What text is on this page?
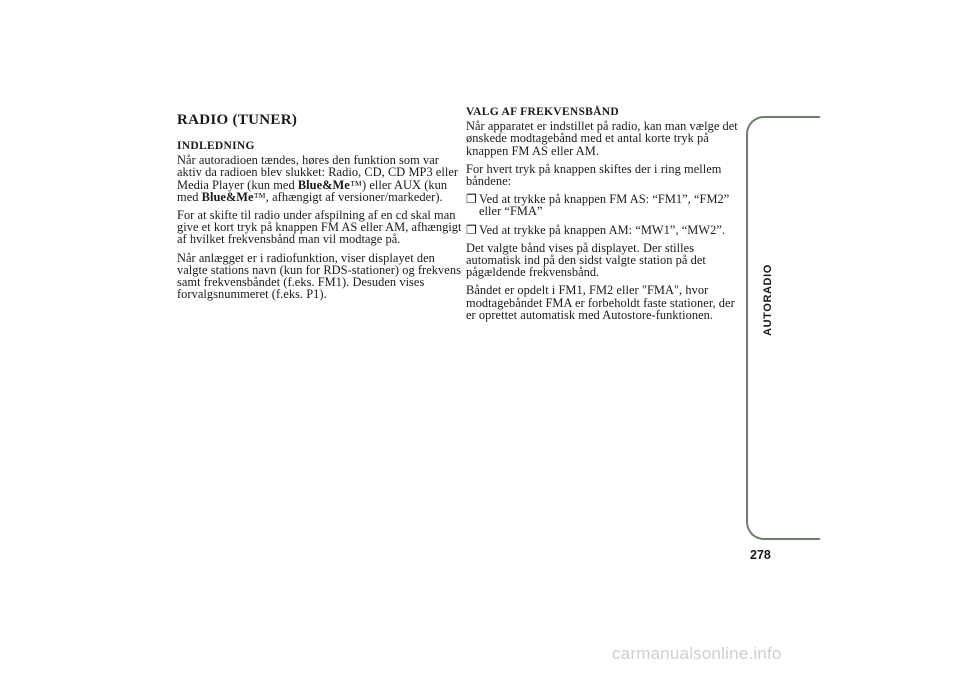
RADIO (TUNER)
INDLEDNING

Når autoradioen tændes, høres den funktion som var aktiv da radioen blev slukket: Radio, CD, CD MP3 eller Media Player (kun med Blue&Me™) eller AUX (kun med Blue&Me™, afhængigt af versioner/markeder).

For at skifte til radio under afspilning af en cd skal man give et kort tryk på knappen FM AS eller AM, afhængigt af hvilket frekvensbånd man vil modtage på.

Når anlægget er i radiofunktion, viser displayet den valgte stations navn (kun for RDS-stationer) og frekvens samt frekvensbåndet (f.eks. FM1). Desuden vises forvalgsnummeret (f.eks. P1).

VALG AF FREKVENSBÅND

Når apparatet er indstillet på radio, kan man vælge det ønskede modtagebånd med et antal korte tryk på knappen FM AS eller AM.

For hvert tryk på knappen skiftes der i ring mellem båndene:

❒ Ved at trykke på knappen FM AS: “FM1”, “FM2” eller “FMA”
❒ Ved at trykke på knappen AM: “MW1”, “MW2”.

Det valgte bånd vises på displayet. Der stilles automatisk ind på den sidst valgte station på det pågældende frekvensbånd.

Båndet er opdelt i FM1, FM2 eller "FMA", hvor modtagebåndet FMA er forbeholdt faste stationer, der er oprettet automatisk med Autostore-funktionen.	AUTORADIO
278
carmanualsonline.info
